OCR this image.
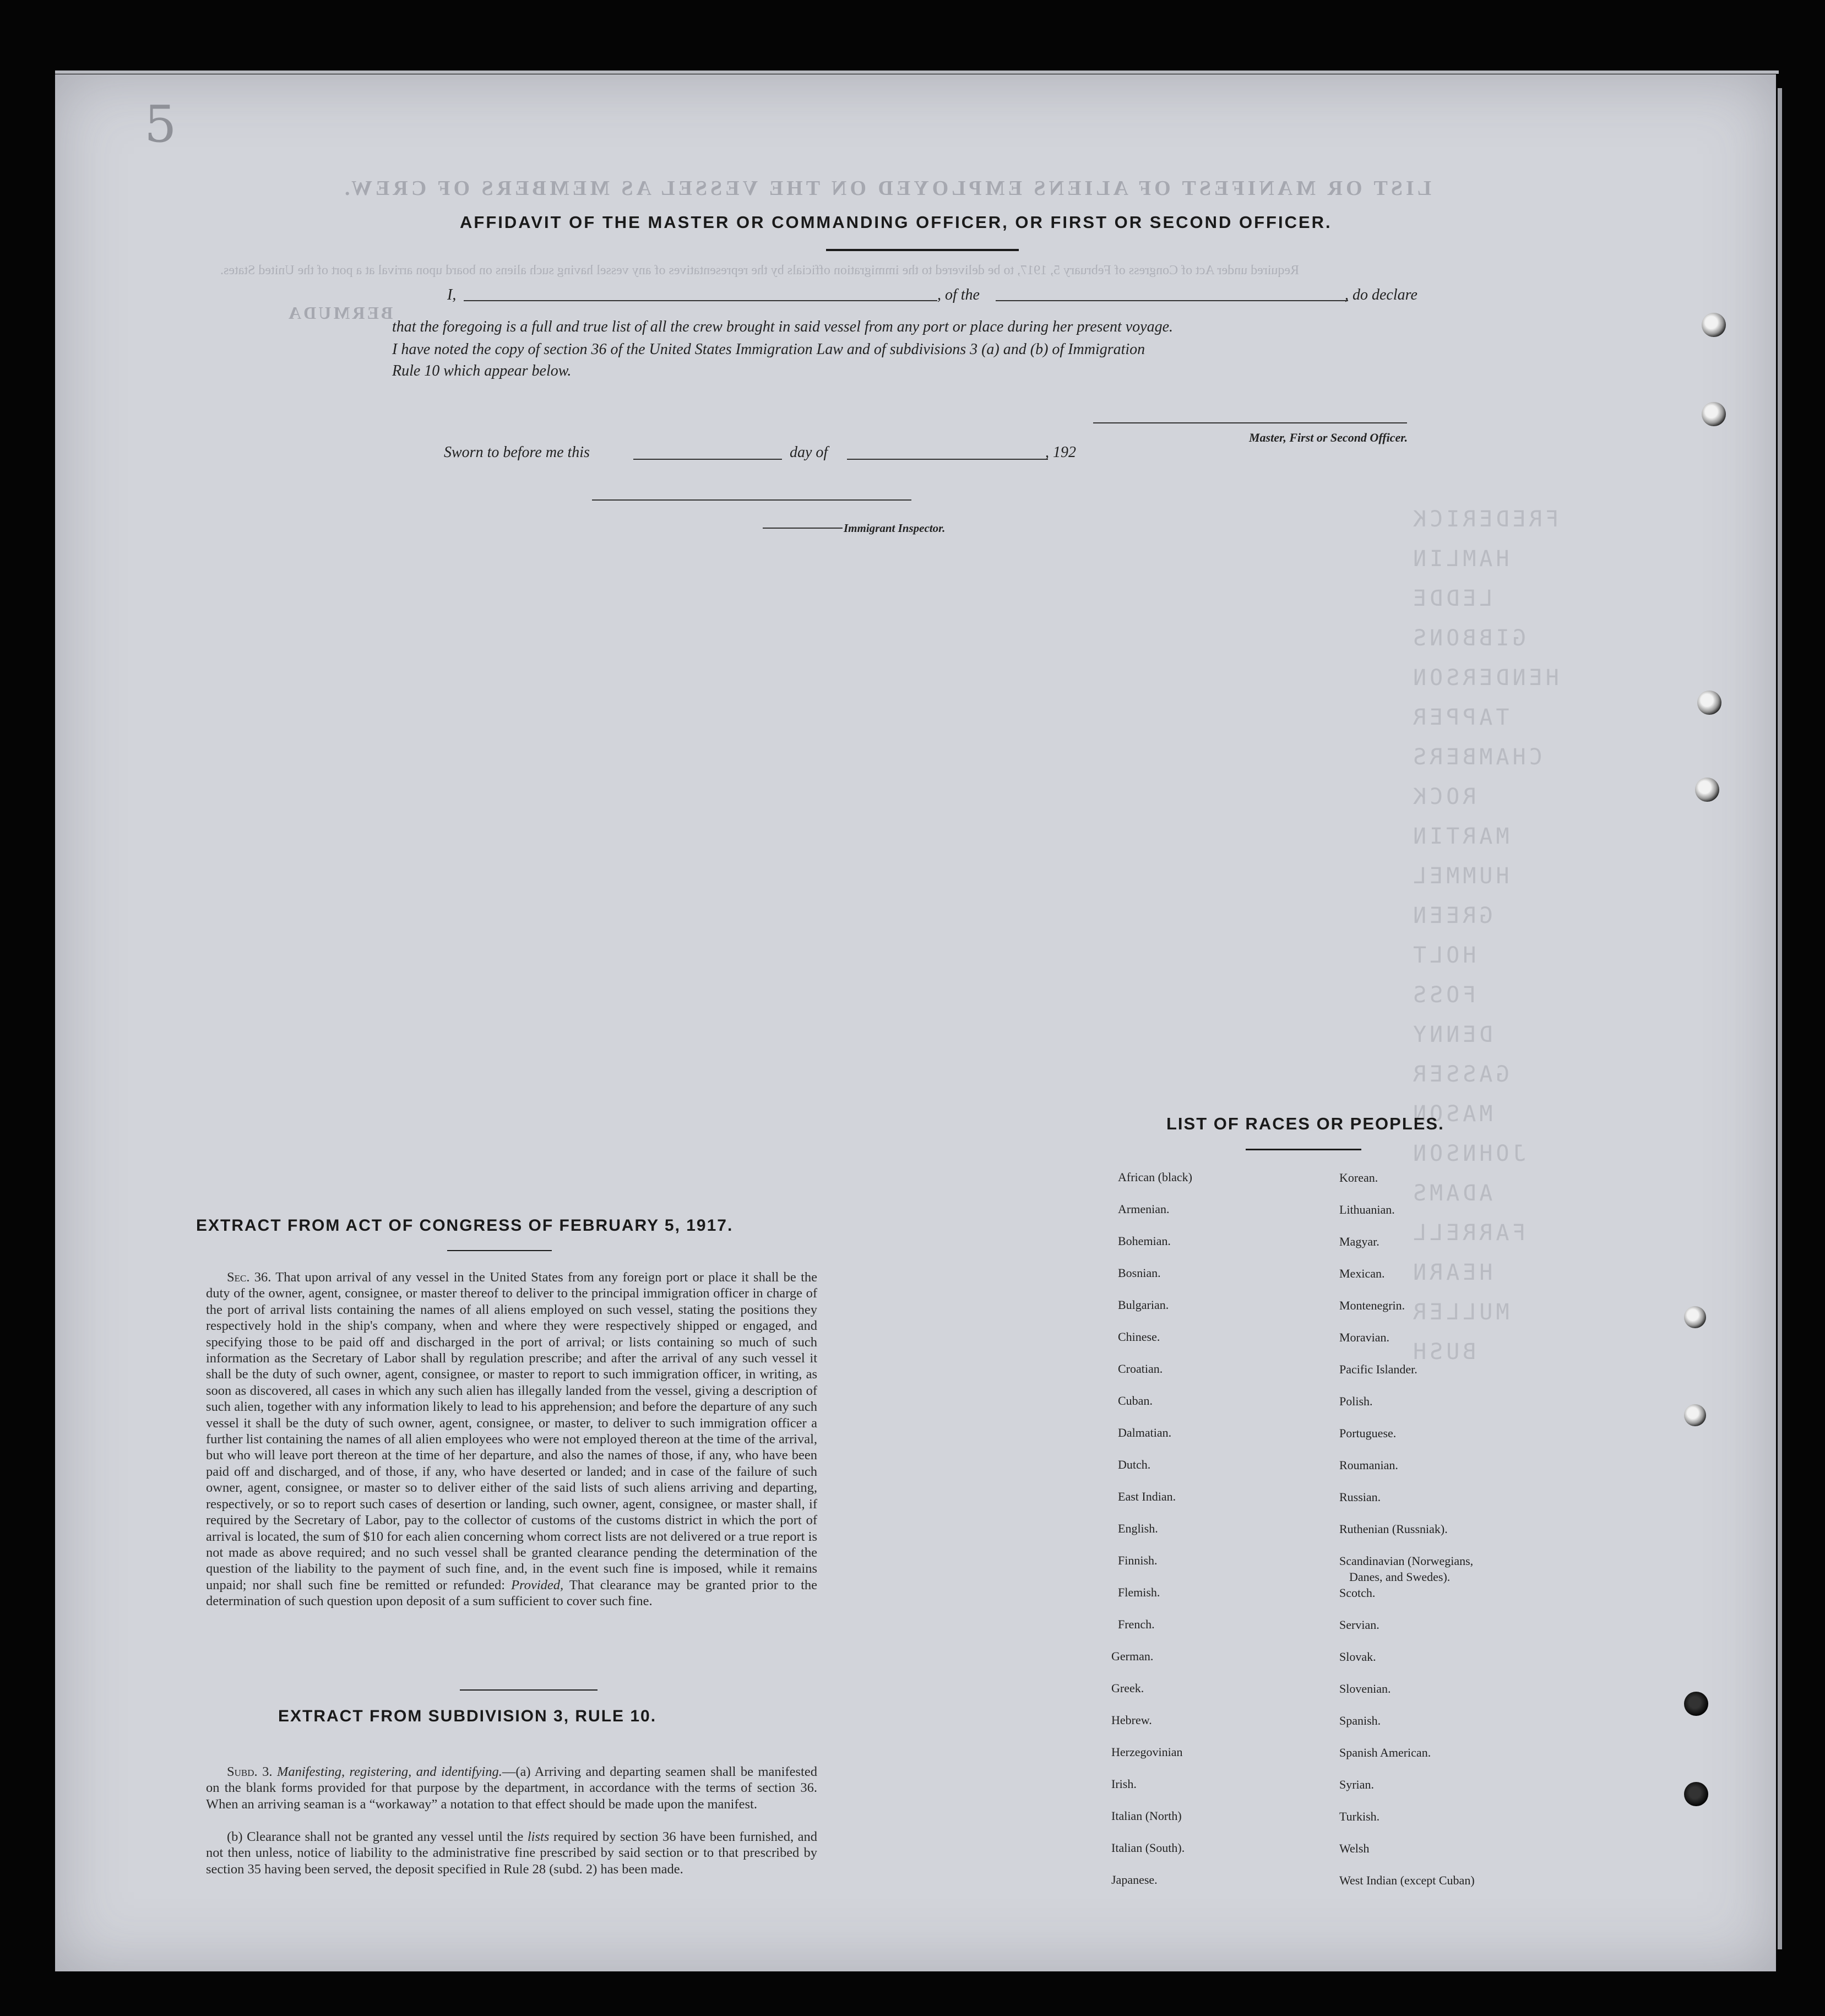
LIST OR MANIFEST OF ALIENS EMPLOYED ON THE VESSEL AS MEMBERS OF CREW.
Required under Act of Congress of February 5, 1917, to be delivered to the immigration officials by the representatives of any vessel having such aliens on board upon arrival at a port of the United States.
BERMUDA
FREDERICK
HAMLIN
LEDDE
GIBBONS
HENDERSON
TAPPER
CHAMBERS
ROCK
MARTIN
HUMMEL
GREEN
HOLT
FOSS
DENNY
GASSER
MASON
JOHNSON
ADAMS
FARRELL
HEARN
MULLER
BUSH
5
AFFIDAVIT OF THE MASTER OR COMMANDING OFFICER, OR FIRST OR SECOND OFFICER.
I,	, of the	, do declare
that the foregoing is a full and true list of all the crew brought in said vessel from any port or place during her present voyage.
I have noted the copy of section 36 of the United States Immigration Law and of subdivisions 3 (a) and (b) of Immigration
Rule 10 which appear below.
Master, First or Second Officer.
Sworn to before me this	day of	, 192
Immigrant Inspector.
LIST OF RACES OR PEOPLES.
EXTRACT FROM ACT OF CONGRESS OF FEBRUARY 5, 1917.
Sec. 36. That upon arrival of any vessel in the United States from any foreign port or place it shall be the duty of the owner, agent, consignee, or master thereof to deliver to the principal immigration officer in charge of the port of arrival lists containing the names of all aliens employed on such vessel, stating the positions they respectively hold in the ship's company, when and where they were respectively shipped or engaged, and specifying those to be paid off and discharged in the port of arrival; or lists containing so much of such information as the Secretary of Labor shall by regulation prescribe; and after the arrival of any such vessel it shall be the duty of such owner, agent, consignee, or master to report to such immigration officer, in writing, as soon as discovered, all cases in which any such alien has illegally landed from the vessel, giving a description of such alien, together with any information likely to lead to his apprehension; and before the departure of any such vessel it shall be the duty of such owner, agent, consignee, or master, to deliver to such immigration officer a further list containing the names of all alien employees who were not employed thereon at the time of the arrival, but who will leave port thereon at the time of her departure, and also the names of those, if any, who have been paid off and discharged, and of those, if any, who have deserted or landed; and in case of the failure of such owner, agent, consignee, or master so to deliver either of the said lists of such aliens arriving and departing, respectively, or so to report such cases of desertion or landing, such owner, agent, consignee, or master shall, if required by the Secretary of Labor, pay to the collector of customs of the customs district in which the port of arrival is located, the sum of $10 for each alien concerning whom correct lists are not delivered or a true report is not made as above required; and no such vessel shall be granted clearance pending the determination of the question of the liability to the payment of such fine, and, in the event such fine is imposed, while it remains unpaid; nor shall such fine be remitted or refunded: Provided, That clearance may be granted prior to the determination of such question upon deposit of a sum sufficient to cover such fine.
EXTRACT FROM SUBDIVISION 3, RULE 10.
Subd. 3. Manifesting, registering, and identifying.—(a) Arriving and departing seamen shall be manifested on the blank forms provided for that purpose by the department, in accordance with the terms of section 36. When an arriving seaman is a “workaway” a notation to that effect should be made upon the manifest.
(b) Clearance shall not be granted any vessel until the lists required by section 36 have been furnished, and not then unless, notice of liability to the administrative fine prescribed by said section or to that prescribed by section 35 having been served, the deposit specified in Rule 28 (subd. 2) has been made.
African (black)
Armenian.
Bohemian.
Bosnian.
Bulgarian.
Chinese.
Croatian.
Cuban.
Dalmatian.
Dutch.
East Indian.
English.
Finnish.
Flemish.
French.
German.
Greek.
Hebrew.
Herzegovinian
Irish.
Italian (North)
Italian (South).
Japanese.
Korean.
Lithuanian.
Magyar.
Mexican.
Montenegrin.
Moravian.
Pacific Islander.
Polish.
Portuguese.
Roumanian.
Russian.
Ruthenian (Russniak).
Scandinavian (Norwegians,
Danes, and Swedes).
Scotch.
Servian.
Slovak.
Slovenian.
Spanish.
Spanish American.
Syrian.
Turkish.
Welsh
West Indian (except Cuban)
